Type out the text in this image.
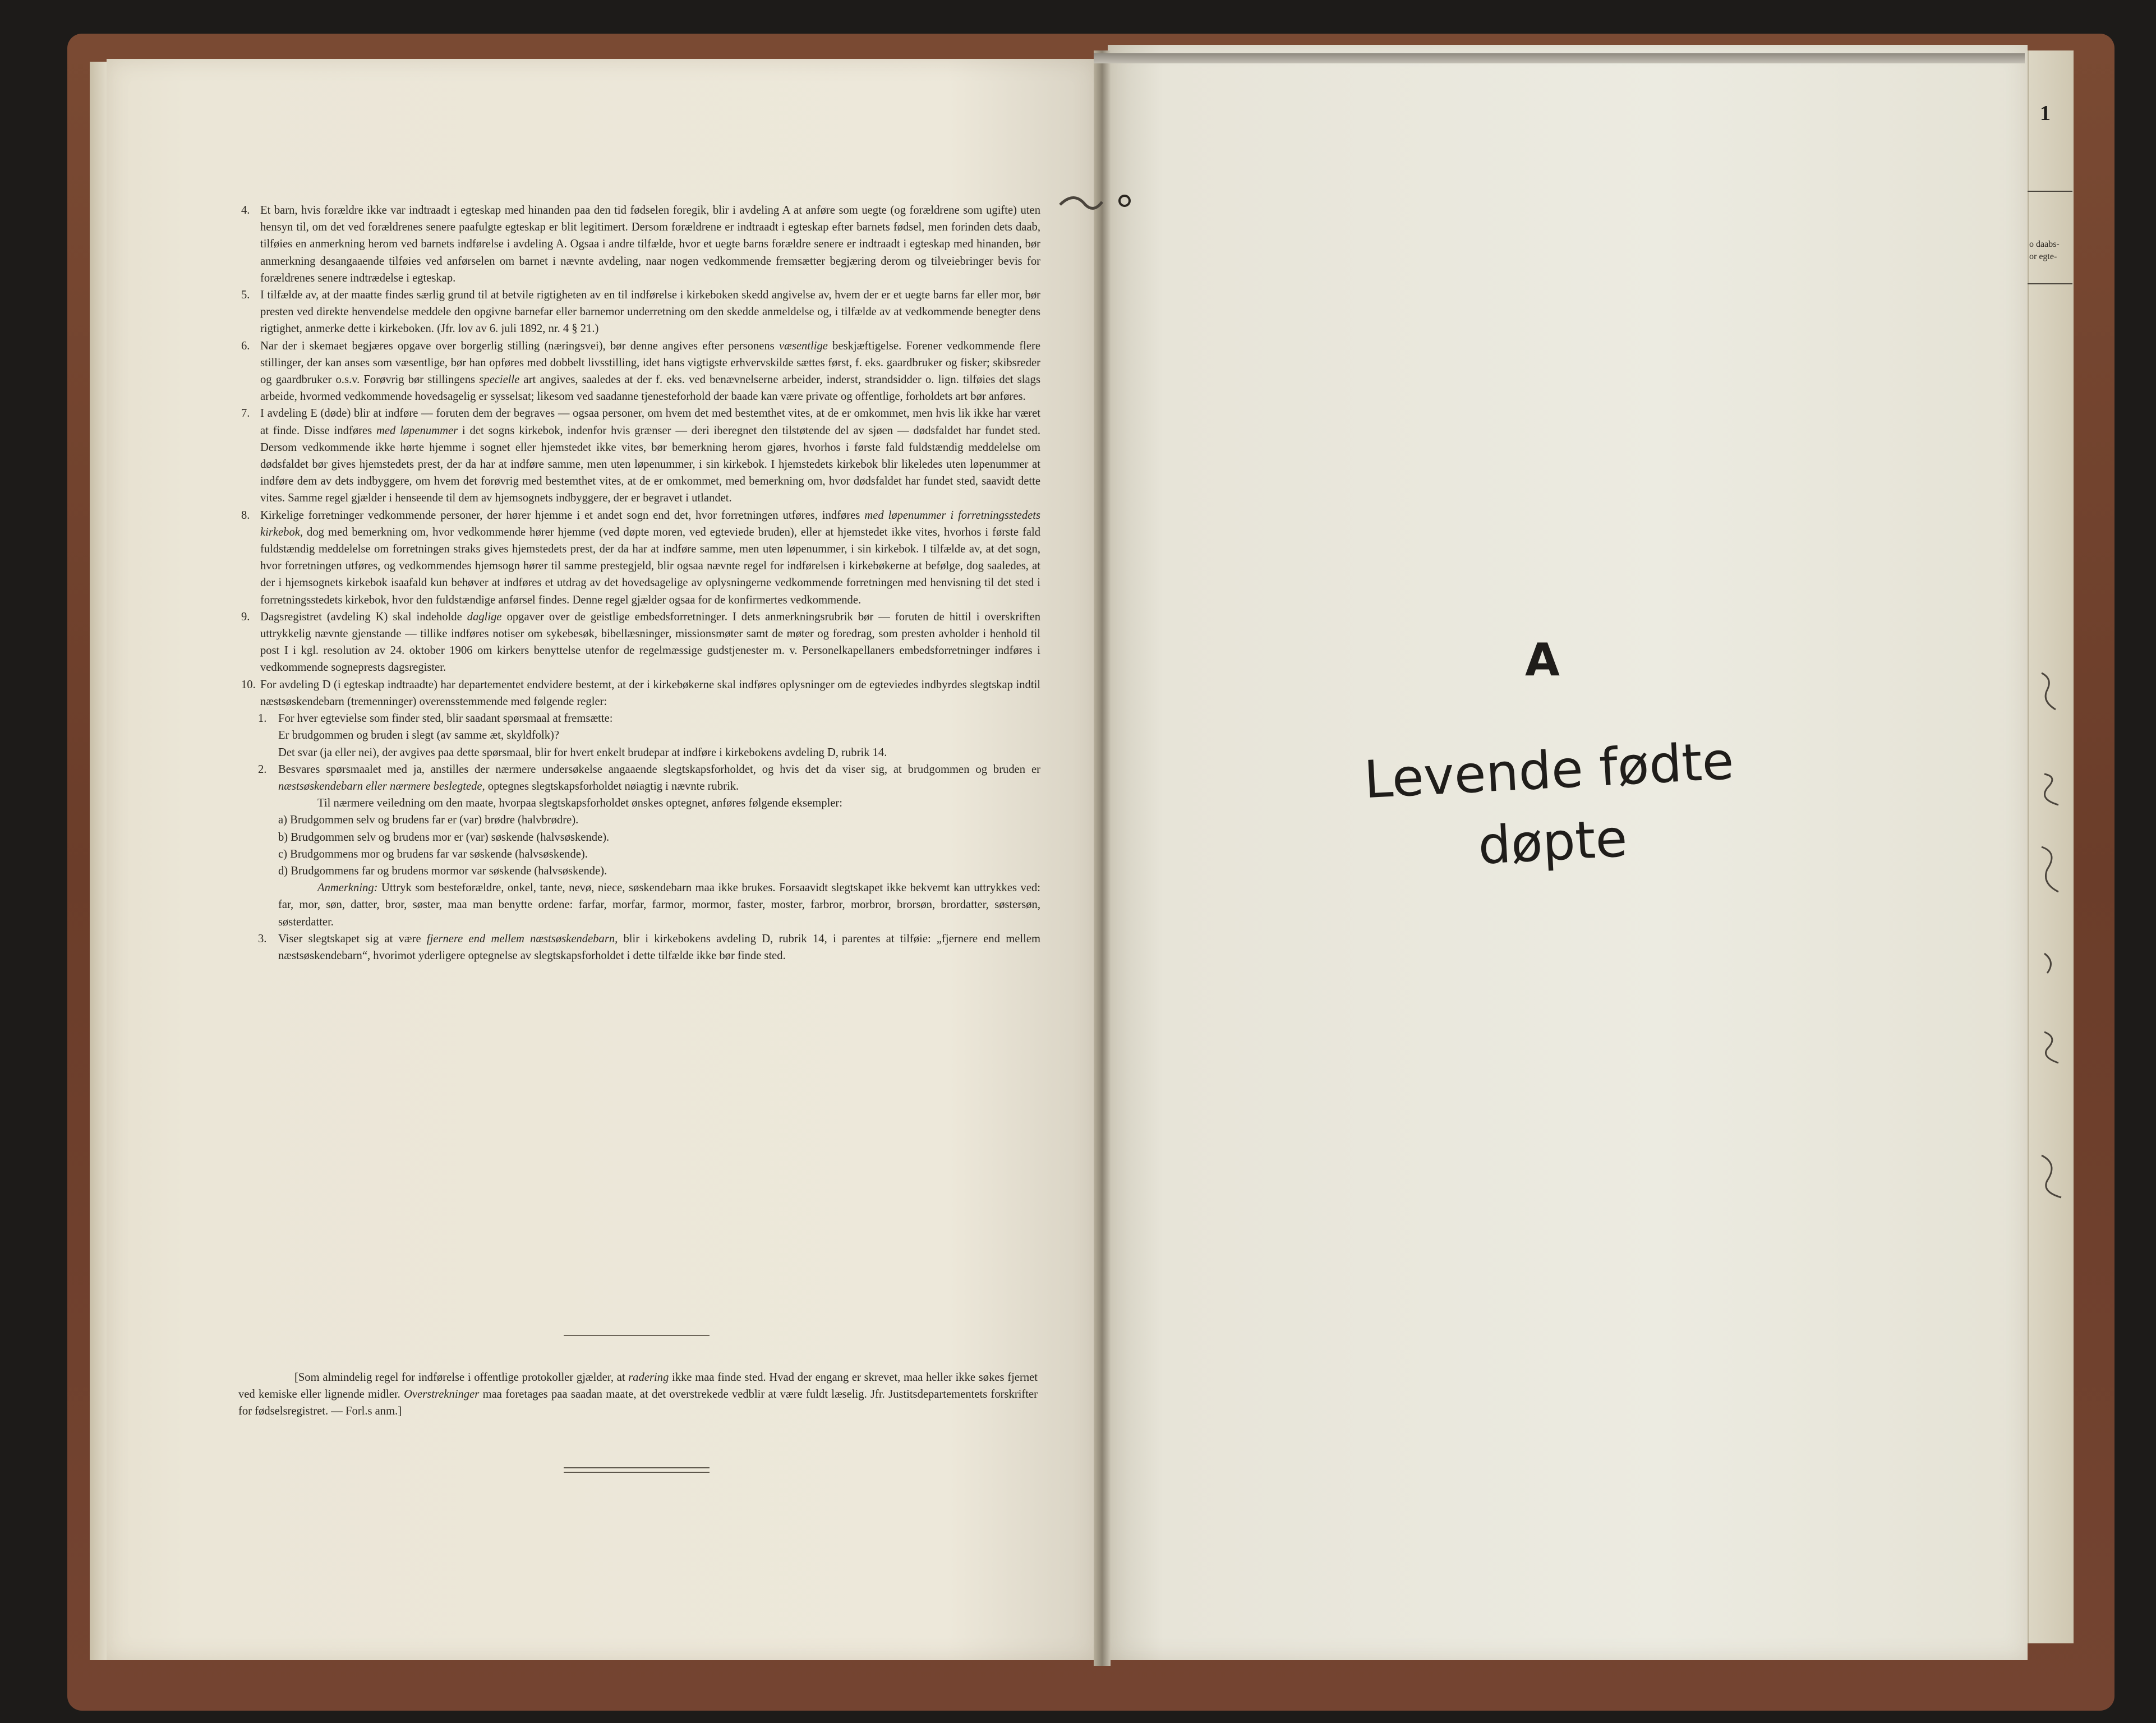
1
o daabs-
or egte-

4. Et barn, hvis forældre ikke var indtraadt i egteskap med hinanden paa den tid fødselen foregik, blir i avdeling A at anføre som uegte (og forældrene som ugifte) uten hensyn til, om det ved forældrenes senere paafulgte egteskap er blit legitimert. Dersom forældrene er indtraadt i egteskap efter barnets fødsel, men forinden dets daab, tilføies en anmerkning herom ved barnets indførelse i avdeling A. Ogsaa i andre tilfælde, hvor et uegte barns forældre senere er indtraadt i egteskap med hinanden, bør anmerkning desangaaende tilføies ved anførselen om barnet i nævnte avdeling, naar nogen vedkommende fremsætter begjæring derom og tilveiebringer bevis for forældrenes senere indtrædelse i egteskap.

5. I tilfælde av, at der maatte findes særlig grund til at betvile rigtigheten av en til indførelse i kirkeboken skedd angivelse av, hvem der er et uegte barns far eller mor, bør presten ved direkte henvendelse meddele den opgivne barnefar eller barnemor underretning om den skedde anmeldelse og, i tilfælde av at vedkommende benegter dens rigtighet, anmerke dette i kirkeboken. (Jfr. lov av 6. juli 1892, nr. 4 § 21.)

6. Nar der i skemaet begjæres opgave over borgerlig stilling (næringsvei), bør denne angives efter personens væsentlige beskjæftigelse. Forener vedkommende flere stillinger, der kan anses som væsentlige, bør han opføres med dobbelt livsstilling, idet hans vigtigste erhvervskilde sættes først, f. eks. gaardbruker og fisker; skibsreder og gaardbruker o.s.v. Forøvrig bør stillingens specielle art angives, saaledes at der f. eks. ved benævnelserne arbeider, inderst, strandsidder o. lign. tilføies det slags arbeide, hvormed vedkommende hovedsagelig er sysselsat; likesom ved saadanne tjenesteforhold der baade kan være private og offentlige, forholdets art bør anføres.

7. I avdeling E (døde) blir at indføre — foruten dem der begraves — ogsaa personer, om hvem det med bestemthet vites, at de er omkommet, men hvis lik ikke har været at finde. Disse indføres med løpenummer i det sogns kirkebok, indenfor hvis grænser — deri iberegnet den tilstøtende del av sjøen — dødsfaldet har fundet sted. Dersom vedkommende ikke hørte hjemme i sognet eller hjemstedet ikke vites, bør bemerkning herom gjøres, hvorhos i første fald fuldstændig meddelelse om dødsfaldet bør gives hjemstedets prest, der da har at indføre samme, men uten løpenummer, i sin kirkebok. I hjemstedets kirkebok blir likeledes uten løpenummer at indføre dem av dets indbyggere, om hvem det forøvrig med bestemthet vites, at de er omkommet, med bemerkning om, hvor dødsfaldet har fundet sted, saavidt dette vites. Samme regel gjælder i henseende til dem av hjemsognets indbyggere, der er begravet i utlandet.

8. Kirkelige forretninger vedkommende personer, der hører hjemme i et andet sogn end det, hvor forretningen utføres, indføres med løpenummer i forretningsstedets kirkebok, dog med bemerkning om, hvor vedkommende hører hjemme (ved døpte moren, ved egteviede bruden), eller at hjemstedet ikke vites, hvorhos i første fald fuldstændig meddelelse om forretningen straks gives hjemstedets prest, der da har at indføre samme, men uten løpenummer, i sin kirkebok. I tilfælde av, at det sogn, hvor forretningen utføres, og vedkommendes hjemsogn hører til samme prestegjeld, blir ogsaa nævnte regel for indførelsen i kirkebøkerne at befølge, dog saaledes, at der i hjemsognets kirkebok isaafald kun behøver at indføres et utdrag av det hovedsagelige av oplysningerne vedkommende forretningen med henvisning til det sted i forretningsstedets kirkebok, hvor den fuldstændige anførsel findes. Denne regel gjælder ogsaa for de konfirmertes vedkommende.

9. Dagsregistret (avdeling K) skal indeholde daglige opgaver over de geistlige embedsforretninger. I dets anmerkningsrubrik bør — foruten de hittil i overskriften uttrykkelig nævnte gjenstande — tillike indføres notiser om sykebesøk, bibellæsninger, missionsmøter samt de møter og foredrag, som presten avholder i henhold til post I i kgl. resolution av 24. oktober 1906 om kirkers benyttelse utenfor de regelmæssige gudstjenester m. v. Personelkapellaners embedsforretninger indføres i vedkommende sogneprests dagsregister.

10. For avdeling D (i egteskap indtraadte) har departementet endvidere bestemt, at der i kirkebøkerne skal indføres oplysninger om de egteviedes indbyrdes slegtskap indtil næstsøskendebarn (tremenninger) overensstemmende med følgende regler:

1. For hver egtevielse som finder sted, blir saadant spørsmaal at fremsætte:

Er brudgommen og bruden i slegt (av samme æt, skyldfolk)?

Det svar (ja eller nei), der avgives paa dette spørsmaal, blir for hvert enkelt brudepar at indføre i kirkebokens avdeling D, rubrik 14.

2. Besvares spørsmaalet med ja, anstilles der nærmere undersøkelse angaaende slegtskapsforholdet, og hvis det da viser sig, at brudgommen og bruden er næstsøskendebarn eller nærmere beslegtede, optegnes slegtskapsforholdet nøiagtig i nævnte rubrik.

Til nærmere veiledning om den maate, hvorpaa slegtskapsforholdet ønskes optegnet, anføres følgende eksempler:

a) Brudgommen selv og brudens far er (var) brødre (halvbrødre).

b) Brudgommen selv og brudens mor er (var) søskende (halvsøskende).

c) Brudgommens mor og brudens far var søskende (halvsøskende).

d) Brudgommens far og brudens mormor var søskende (halvsøskende).

Anmerkning: Uttryk som besteforældre, onkel, tante, nevø, niece, søskendebarn maa ikke brukes. Forsaavidt slegtskapet ikke bekvemt kan uttrykkes ved: far, mor, søn, datter, bror, søster, maa man benytte ordene: farfar, morfar, farmor, mormor, faster, moster, farbror, morbror, brorsøn, brordatter, søstersøn, søsterdatter.

3. Viser slegtskapet sig at være fjernere end mellem næstsøskendebarn, blir i kirkebokens avdeling D, rubrik 14, i parentes at tilføie: „fjernere end mellem næstsøskendebarn“, hvorimot yderligere optegnelse av slegtskapsforholdet i dette tilfælde ikke bør finde sted.

[Som almindelig regel for indførelse i offentlige protokoller gjælder, at radering ikke maa finde sted. Hvad der engang er skrevet, maa heller ikke søkes fjernet ved kemiske eller lignende midler. Overstrekninger maa foretages paa saadan maate, at det overstrekede vedblir at være fuldt læselig. Jfr. Justitsdepartementets forskrifter for fødselsregistret. — Forl.s anm.]

A
Levende fødte
døpte
